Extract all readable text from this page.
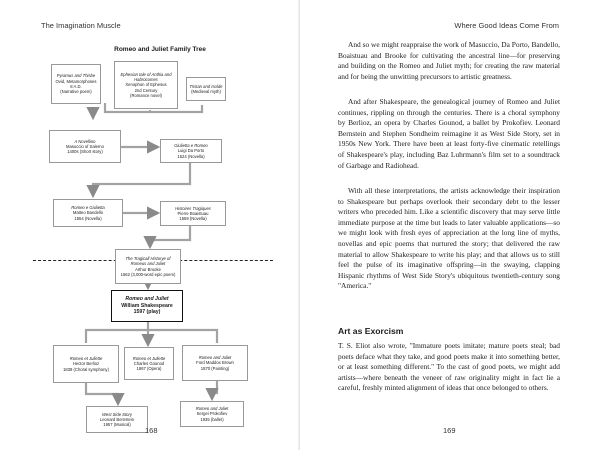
The Imagination Muscle
Romeo and Juliet Family Tree
Pyramus and Thisbe
Ovid, Metamorphoses
8 A.D.
(Narrative poem)
Ephesian tale of Anthia and Habrocomes
Xenophon of Ephesus
2nd Century
(Romance novel)
Tristan and Isolde
(Medieval myth)
A Novellino
Masuccio of Salerno
1400s (Short story)
Giulietta e Romeo
Luigi Da Porto
1524 (Novella)
Romeo e Giulietta
Matteo Bandello
1554 (Novella)
Histoires Tragiques
Pierre Boaistuau
1559 (Novella)
The Tragicall Historye of Romeus and Juliet
Arthur Brooke
1562 (3,000-word epic poem)
Romeo and Juliet
William Shakespeare
1597 (play)
Romeo et Juliette
Hector Berlioz
1839 (Choral symphony)
Romeo et Juliette
Charles Gounod
1867 (Opera)
Romeo and Juliet
Ford Maddox Brown
1870 (Painting)
Romeo and Juliet
Sergei Prokofiev
1935 (ballet)
West Side Story
Leonard Bernstein
1957 (Musical)
168
Where Good Ideas Come From

And so we might reappraise the work of Masuccio, Da Porto, Bandello, Boaistuau and Brooke for cultivating the ancestral line—for preserving and building on the Romeo and Juliet myth; for creating the raw material and for being the unwitting precursors to artistic greatness.

And after Shakespeare, the genealogical journey of Romeo and Juliet continues, rippling on through the centuries. There is a choral symphony by Berlioz, an opera by Charles Gounod, a ballet by Prokofiev. Leonard Bernstein and Stephen Sondheim reimagine it as West Side Story, set in 1950s New York. There have been at least forty-five cinematic retellings of Shakespeare's play, including Baz Luhrmann's film set to a soundtrack of Garbage and Radiohead.

With all these interpretations, the artists acknowledge their inspiration to Shakespeare but perhaps overlook their secondary debt to the lesser writers who preceded him. Like a scientific discovery that may serve little immediate purpose at the time but leads to later valuable applications—so we might look with fresh eyes of appreciation at the long line of myths, novellas and epic poems that nurtured the story; that delivered the raw material to allow Shakespeare to write his play; and that allows us to still feel the pulse of its imaginative offspring—in the swaying, clapping Hispanic rhythms of West Side Story's ubiquitous twentieth-century song "America."

Art as Exorcism

T. S. Eliot also wrote, "Immature poets imitate; mature poets steal; bad poets deface what they take, and good poets make it into something better, or at least something different." To the cast of good poets, we might add artists—where beneath the veneer of raw originality might in fact lie a careful, freshly minted alignment of ideas that once belonged to others.

169
